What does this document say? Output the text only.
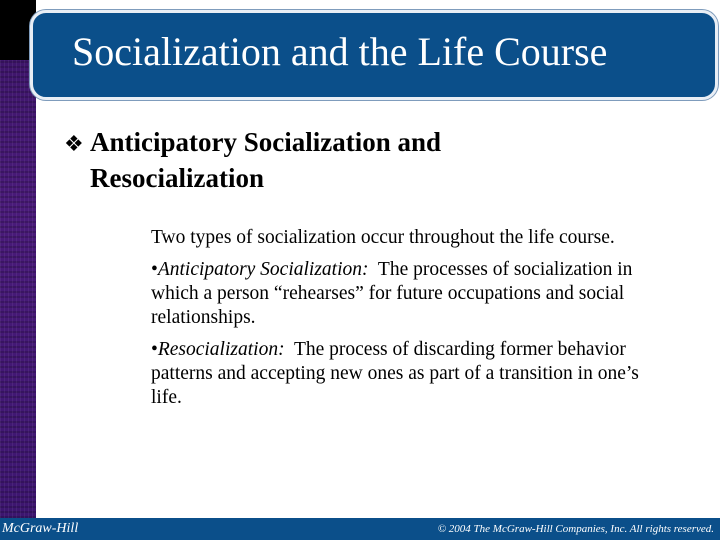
Socialization and the Life Course
❖ Anticipatory Socialization and Resocialization

Two types of socialization occur throughout the life course.

•Anticipatory Socialization: The processes of socialization in which a person “rehearses” for future occupations and social relationships.

•Resocialization: The process of discarding former behavior patterns and accepting new ones as part of a transition in one’s life.

McGraw-Hill	© 2004 The McGraw-Hill Companies, Inc. All rights reserved.
